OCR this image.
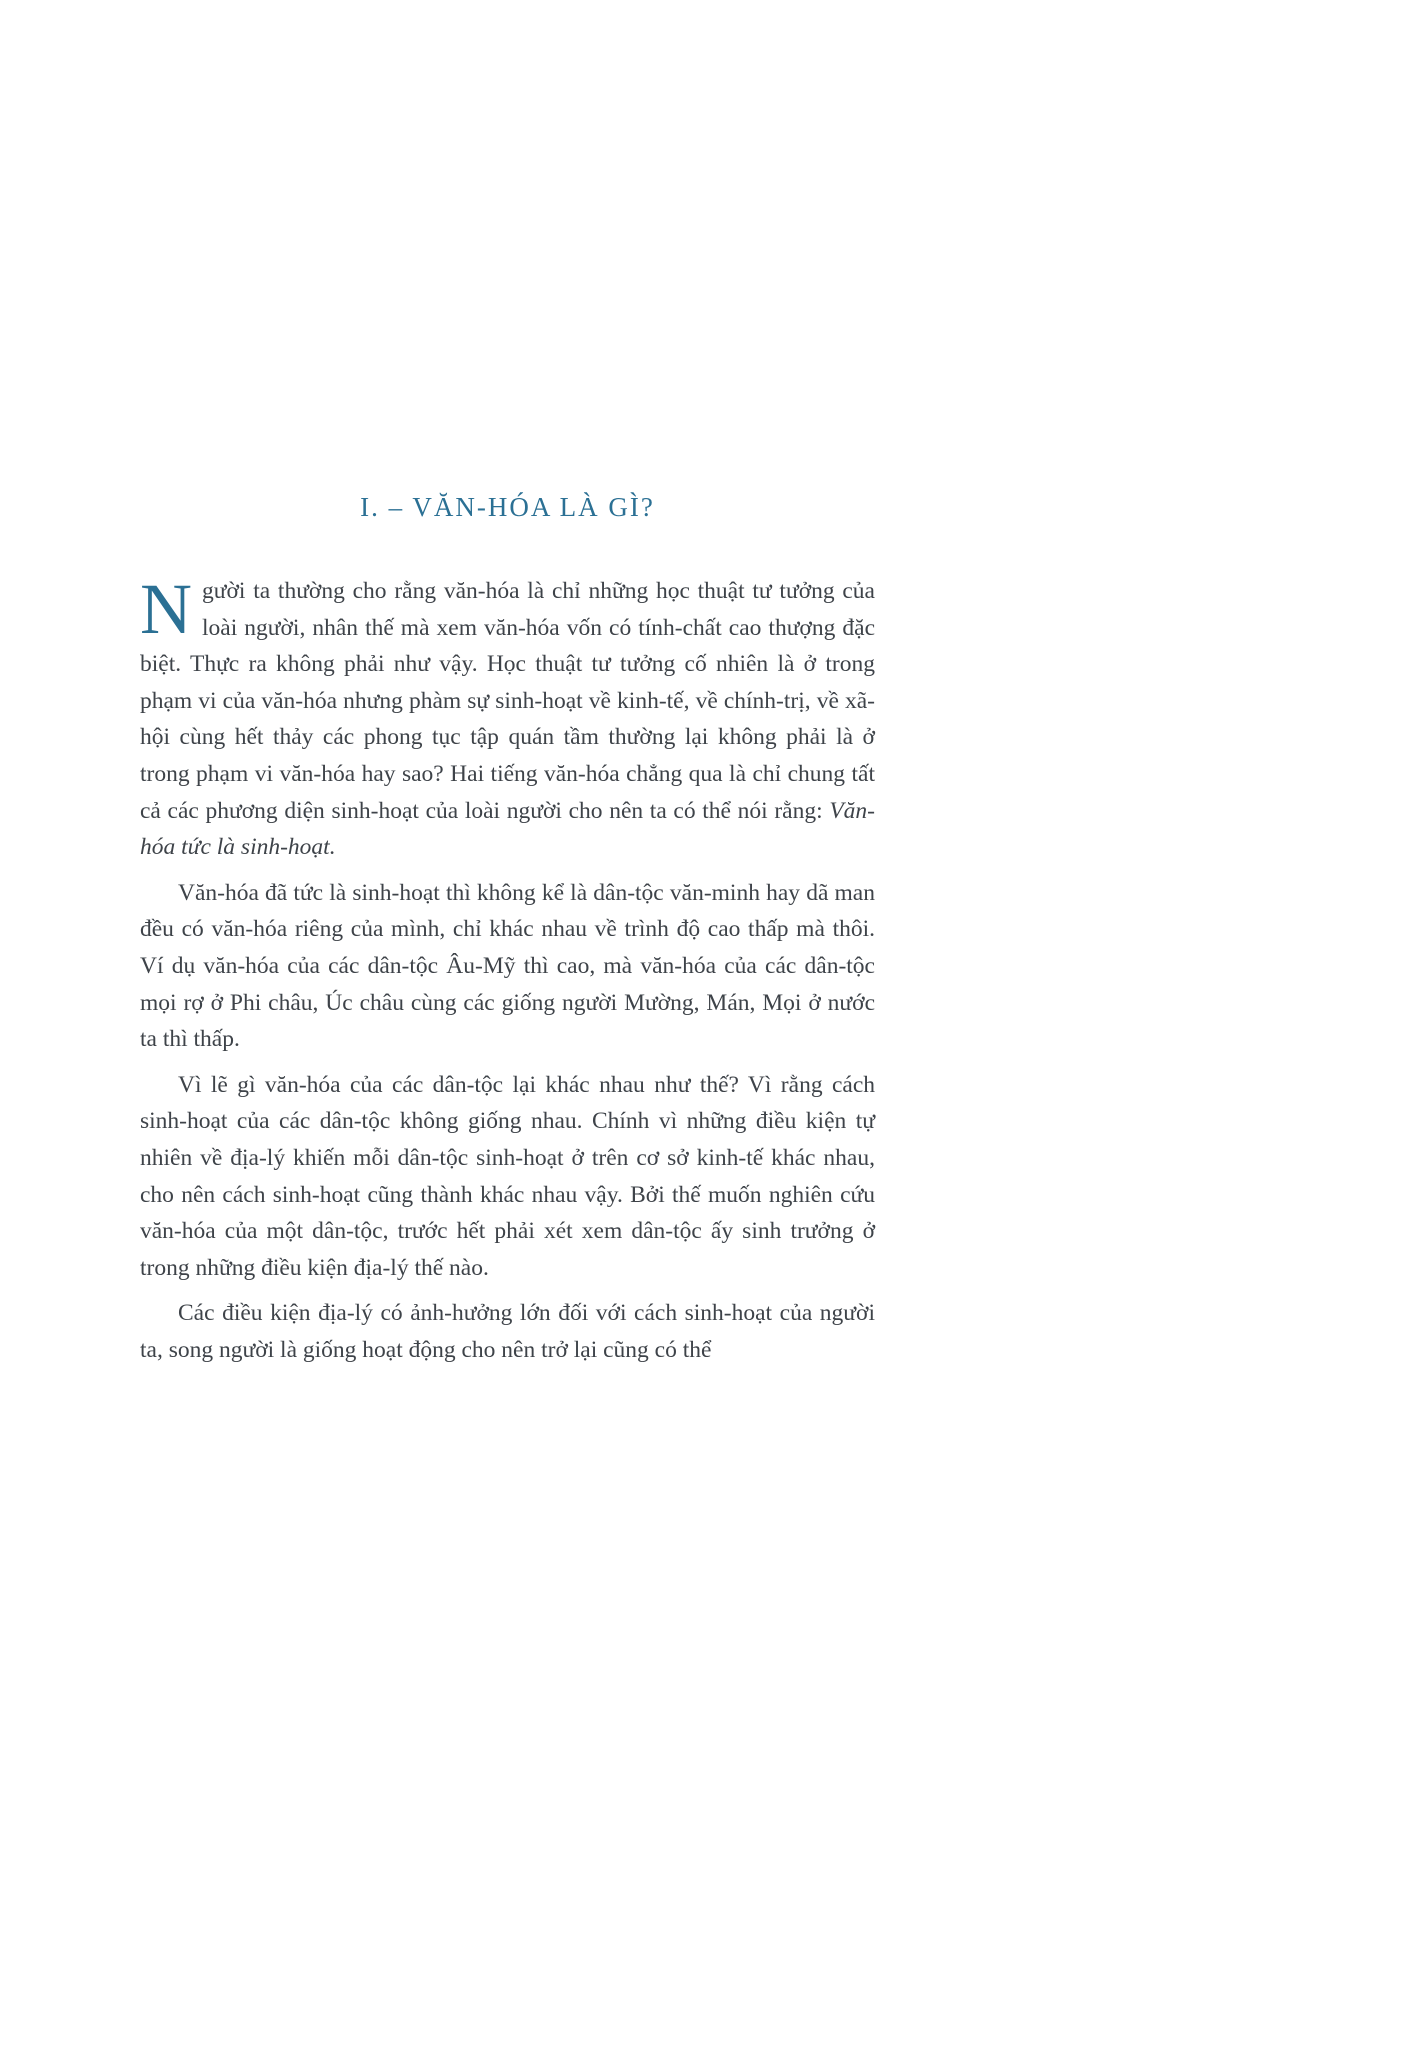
I. – VĂN-HÓA LÀ GÌ?

Người ta thường cho rằng văn-hóa là chỉ những học thuật tư tưởng của loài người, nhân thế mà xem văn-hóa vốn có tính-chất cao thượng đặc biệt. Thực ra không phải như vậy. Học thuật tư tưởng cố nhiên là ở trong phạm vi của văn-hóa nhưng phàm sự sinh-hoạt về kinh-tế, về chính-trị, về xã-hội cùng hết thảy các phong tục tập quán tầm thường lại không phải là ở trong phạm vi văn-hóa hay sao? Hai tiếng văn-hóa chẳng qua là chỉ chung tất cả các phương diện sinh-hoạt của loài người cho nên ta có thể nói rằng: Văn-hóa tức là sinh-hoạt.

Văn-hóa đã tức là sinh-hoạt thì không kể là dân-tộc văn-minh hay dã man đều có văn-hóa riêng của mình, chỉ khác nhau về trình độ cao thấp mà thôi. Ví dụ văn-hóa của các dân-tộc Âu-Mỹ thì cao, mà văn-hóa của các dân-tộc mọi rợ ở Phi châu, Úc châu cùng các giống người Mường, Mán, Mọi ở nước ta thì thấp.

Vì lẽ gì văn-hóa của các dân-tộc lại khác nhau như thế? Vì rằng cách sinh-hoạt của các dân-tộc không giống nhau. Chính vì những điều kiện tự nhiên về địa-lý khiến mỗi dân-tộc sinh-hoạt ở trên cơ sở kinh-tế khác nhau, cho nên cách sinh-hoạt cũng thành khác nhau vậy. Bởi thế muốn nghiên cứu văn-hóa của một dân-tộc, trước hết phải xét xem dân-tộc ấy sinh trưởng ở trong những điều kiện địa-lý thế nào.

Các điều kiện địa-lý có ảnh-hưởng lớn đối với cách sinh-hoạt của người ta, song người là giống hoạt động cho nên trở lại cũng có thể
